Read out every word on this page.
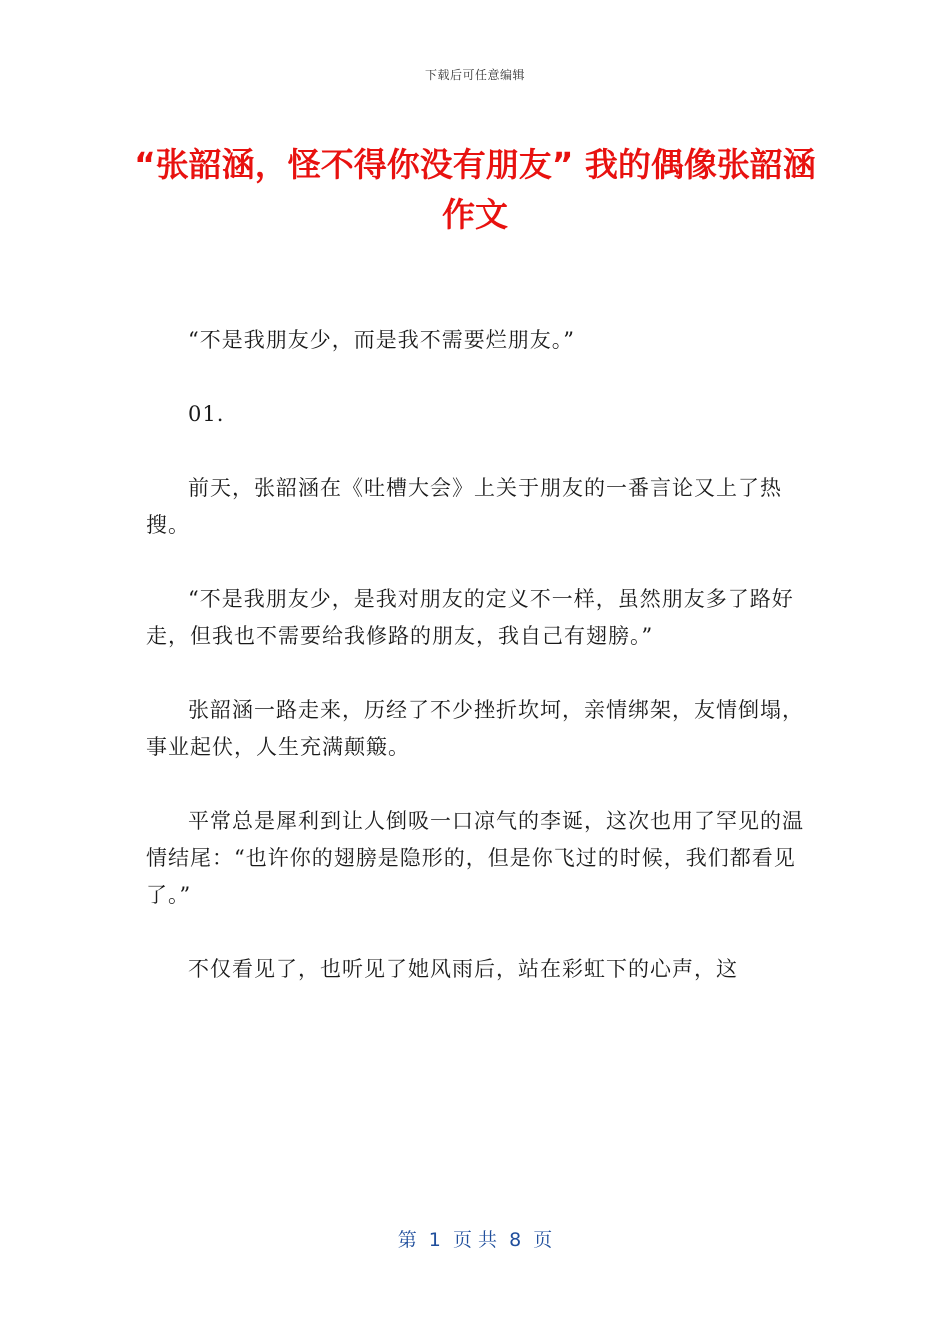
下载后可任意编辑
“张韶涵，怪不得你没有朋友” 我的偶像张韶涵作文

“不是我朋友少，而是我不需要烂朋友。”

01.

前天，张韶涵在《吐槽大会》上关于朋友的一番言论又上了热搜。

“不是我朋友少，是我对朋友的定义不一样，虽然朋友多了路好走，但我也不需要给我修路的朋友，我自己有翅膀。”

张韶涵一路走来，历经了不少挫折坎坷，亲情绑架，友情倒塌，事业起伏，人生充满颠簸。

平常总是犀利到让人倒吸一口凉气的李诞，这次也用了罕见的温情结尾：“也许你的翅膀是隐形的，但是你飞过的时候，我们都看见了。”

不仅看见了，也听见了她风雨后，站在彩虹下的心声，这

第  1  页 共  8  页
